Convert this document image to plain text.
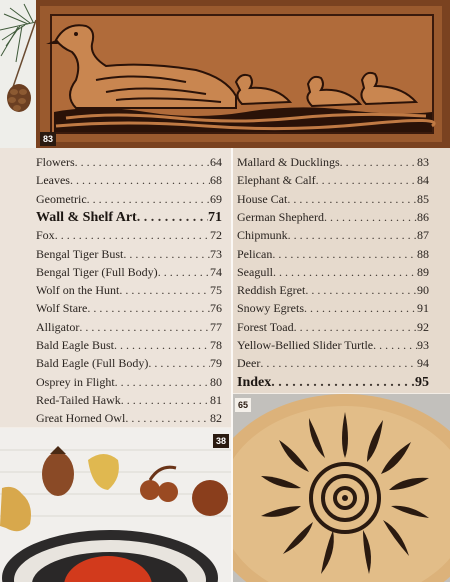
83
Flowers . . .	64
Leaves . . .	68
Geometric . . .	69
Wall & Shelf Art . . .	71
Fox . . .	72
Bengal Tiger Bust . . .	73
Bengal Tiger (Full Body) . . .	74
Wolf on the Hunt . . .	75
Wolf Stare . . .	76
Alligator . . .	77
Bald Eagle Bust . . .	78
Bald Eagle (Full Body) . . .	79
Osprey in Flight . . .	80
Red-Tailed Hawk . . .	81
Great Horned Owl . . .	82
Mallard & Ducklings . . .	83
Elephant & Calf . . .	84
House Cat . . .	85
German Shepherd . . .	86
Chipmunk . . .	87
Pelican . . .	88
Seagull . . .	89
Reddish Egret . . .	90
Snowy Egrets . . .	91
Forest Toad . . .	92
Yellow-Bellied Slider Turtle . . .	93
Deer . . .	94
Index . . .	95
38
65
